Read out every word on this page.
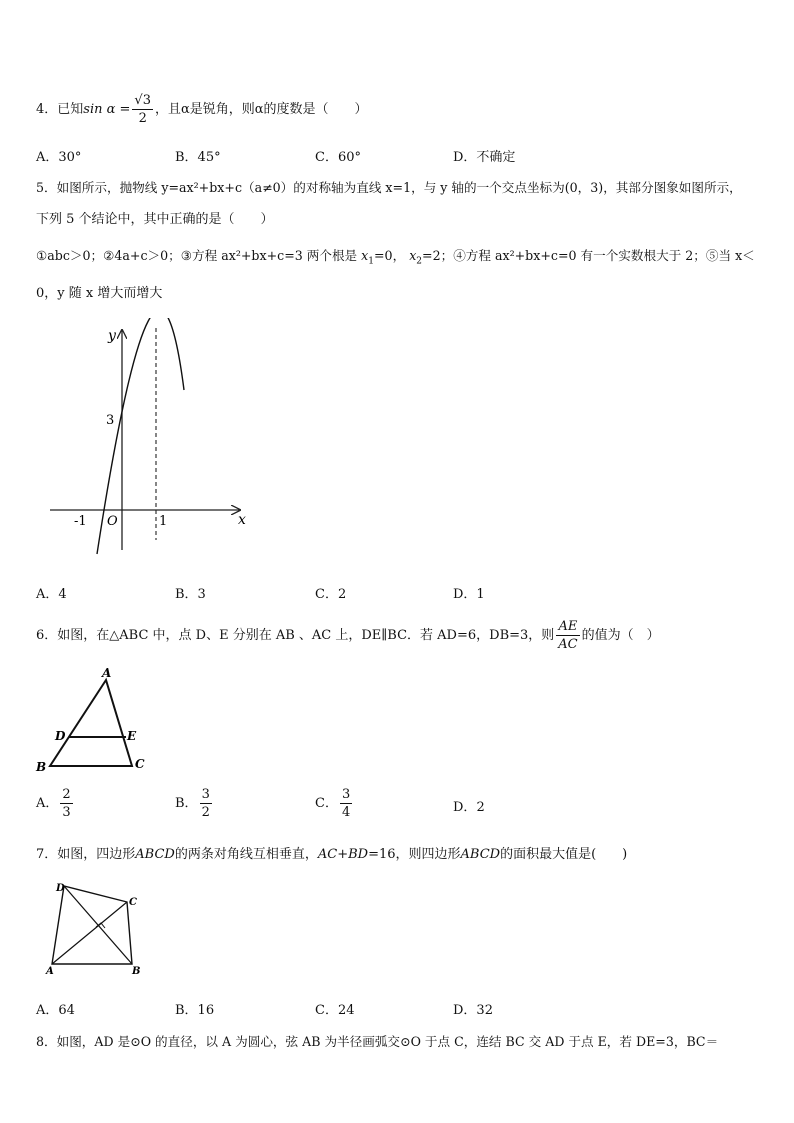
4．已知$\sin \alpha = \frac{√3}{2}$ ，且α是锐角，则α的度数是（　　）
A．30°	B．45°	C．60°	D．不确定
5．如图所示，抛物线 y=ax²+bx+c（a≠0）的对称轴为直线 x=1，与 y 轴的一个交点坐标为(0，3)，其部分图象如图所示，
下列 5 个结论中，其中正确的是（　　）
①abc＞0；②4a+c＞0；③方程 ax²+bx+c=3 两个根是 $x_1=0$， $x_2=2$；④方程 ax²+bx+c=0 有一个实数根大于 2；⑤当 x＜
0，y 随 x 增大而增大
y
x
3
-1 O	1
A．4	B．3	C．2	D．1
6．如图，在△ABC 中，点 D、E 分别在 AB 、AC 上，DE∥BC．若 AD=6，DB=3，则 $\frac{AE}{AC}$ 的值为（　）
A
B	C
D	E
A． $\frac{2}{3}$	B． $\frac{3}{2}$	C． $\frac{3}{4}$	D．2
7．如图，四边形ABCD的两条对角线互相垂直，AC+BD=16，则四边形ABCD的面积最大值是(　　)
A	B
C
D
A．64	B．16	C．24	D．32
8．如图，AD 是⊙O 的直径，以 A 为圆心，弦 AB 为半径画弧交⊙O 于点 C，连结 BC 交 AD 于点 E，若 DE=3，BC＝
